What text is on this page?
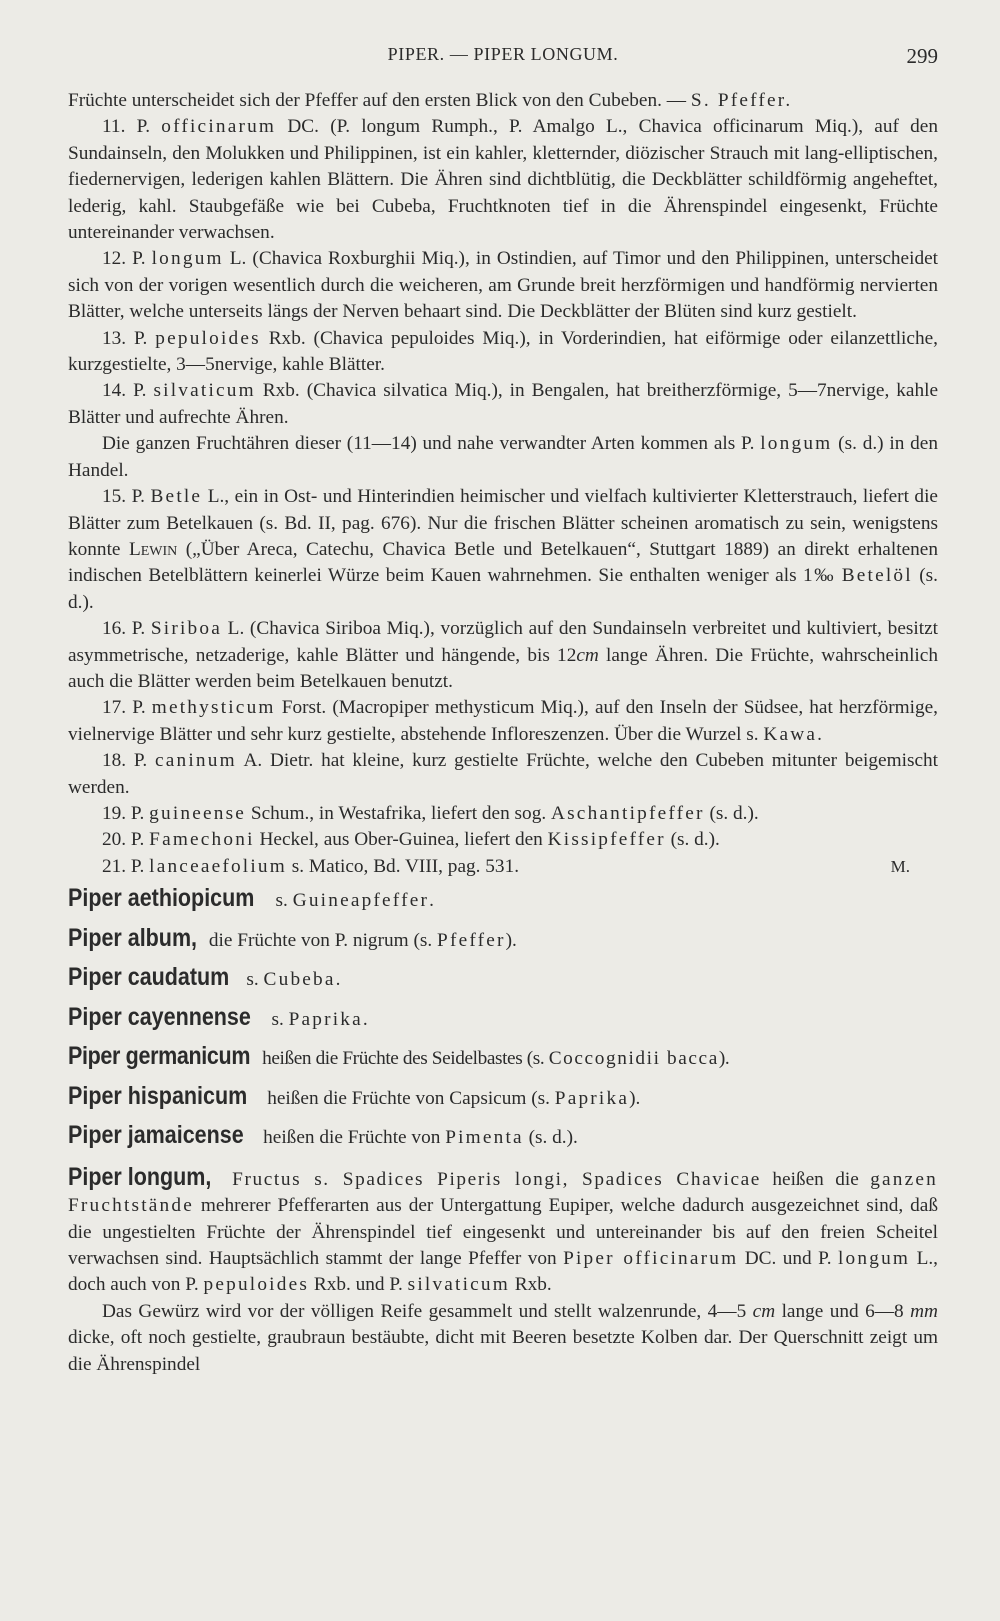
PIPER. — PIPER LONGUM.	299

Früchte unterscheidet sich der Pfeffer auf den ersten Blick von den Cubeben. — S. Pfeffer.

11. P. officinarum DC. (P. longum Rumph., P. Amalgo L., Chavica officinarum Miq.), auf den Sundainseln, den Molukken und Philippinen, ist ein kahler, kletternder, diözischer Strauch mit lang-elliptischen, fiedernervigen, lederigen kahlen Blättern. Die Ähren sind dichtblütig, die Deckblätter schildförmig angeheftet, lederig, kahl. Staubgefäße wie bei Cubeba, Fruchtknoten tief in die Ährenspindel eingesenkt, Früchte untereinander verwachsen.

12. P. longum L. (Chavica Roxburghii Miq.), in Ostindien, auf Timor und den Philippinen, unterscheidet sich von der vorigen wesentlich durch die weicheren, am Grunde breit herzförmigen und handförmig nervierten Blätter, welche unterseits längs der Nerven behaart sind. Die Deckblätter der Blüten sind kurz gestielt.

13. P. pepuloides Rxb. (Chavica pepuloides Miq.), in Vorderindien, hat eiförmige oder eilanzettliche, kurzgestielte, 3—5nervige, kahle Blätter.

14. P. silvaticum Rxb. (Chavica silvatica Miq.), in Bengalen, hat breitherzförmige, 5—7nervige, kahle Blätter und aufrechte Ähren.

Die ganzen Fruchtähren dieser (11—14) und nahe verwandter Arten kommen als P. longum (s. d.) in den Handel.

15. P. Betle L., ein in Ost- und Hinterindien heimischer und vielfach kultivierter Kletterstrauch, liefert die Blätter zum Betelkauen (s. Bd. II, pag. 676). Nur die frischen Blätter scheinen aromatisch zu sein, wenigstens konnte Lewin („Über Areca, Catechu, Chavica Betle und Betelkauen“, Stuttgart 1889) an direkt erhaltenen indischen Betelblättern keinerlei Würze beim Kauen wahrnehmen. Sie enthalten weniger als 1‰ Betelöl (s. d.).

16. P. Siriboa L. (Chavica Siriboa Miq.), vorzüglich auf den Sundainseln verbreitet und kultiviert, besitzt asymmetrische, netzaderige, kahle Blätter und hängende, bis 12cm lange Ähren. Die Früchte, wahrscheinlich auch die Blätter werden beim Betelkauen benutzt.

17. P. methysticum Forst. (Macropiper methysticum Miq.), auf den Inseln der Südsee, hat herzförmige, vielnervige Blätter und sehr kurz gestielte, abstehende Infloreszenzen. Über die Wurzel s. Kawa.

18. P. caninum A. Dietr. hat kleine, kurz gestielte Früchte, welche den Cubeben mitunter beigemischt werden.

19. P. guineense Schum., in Westafrika, liefert den sog. Aschantipfeffer (s. d.).

20. P. Famechoni Heckel, aus Ober-Guinea, liefert den Kissipfeffer (s. d.).

21. P. lanceaefolium s. Matico, Bd. VIII, pag. 531.	M.

Piper aethiopicum s. Guineapfeffer.

Piper album, die Früchte von P. nigrum (s. Pfeffer).

Piper caudatum s. Cubeba.

Piper cayennense s. Paprika.

Piper germanicum heißen die Früchte des Seidelbastes (s. Coccognidii bacca).

Piper hispanicum heißen die Früchte von Capsicum (s. Paprika).

Piper jamaicense heißen die Früchte von Pimenta (s. d.).

Piper longum, Fructus s. Spadices Piperis longi, Spadices Chavicae heißen die ganzen Fruchtstände mehrerer Pfefferarten aus der Untergattung Eupiper, welche dadurch ausgezeichnet sind, daß die ungestielten Früchte der Ährenspindel tief eingesenkt und untereinander bis auf den freien Scheitel verwachsen sind. Hauptsächlich stammt der lange Pfeffer von Piper officinarum DC. und P. longum L., doch auch von P. pepuloides Rxb. und P. silvaticum Rxb.

Das Gewürz wird vor der völligen Reife gesammelt und stellt walzenrunde, 4—5 cm lange und 6—8 mm dicke, oft noch gestielte, graubraun bestäubte, dicht mit Beeren besetzte Kolben dar. Der Querschnitt zeigt um die Ährenspindel
